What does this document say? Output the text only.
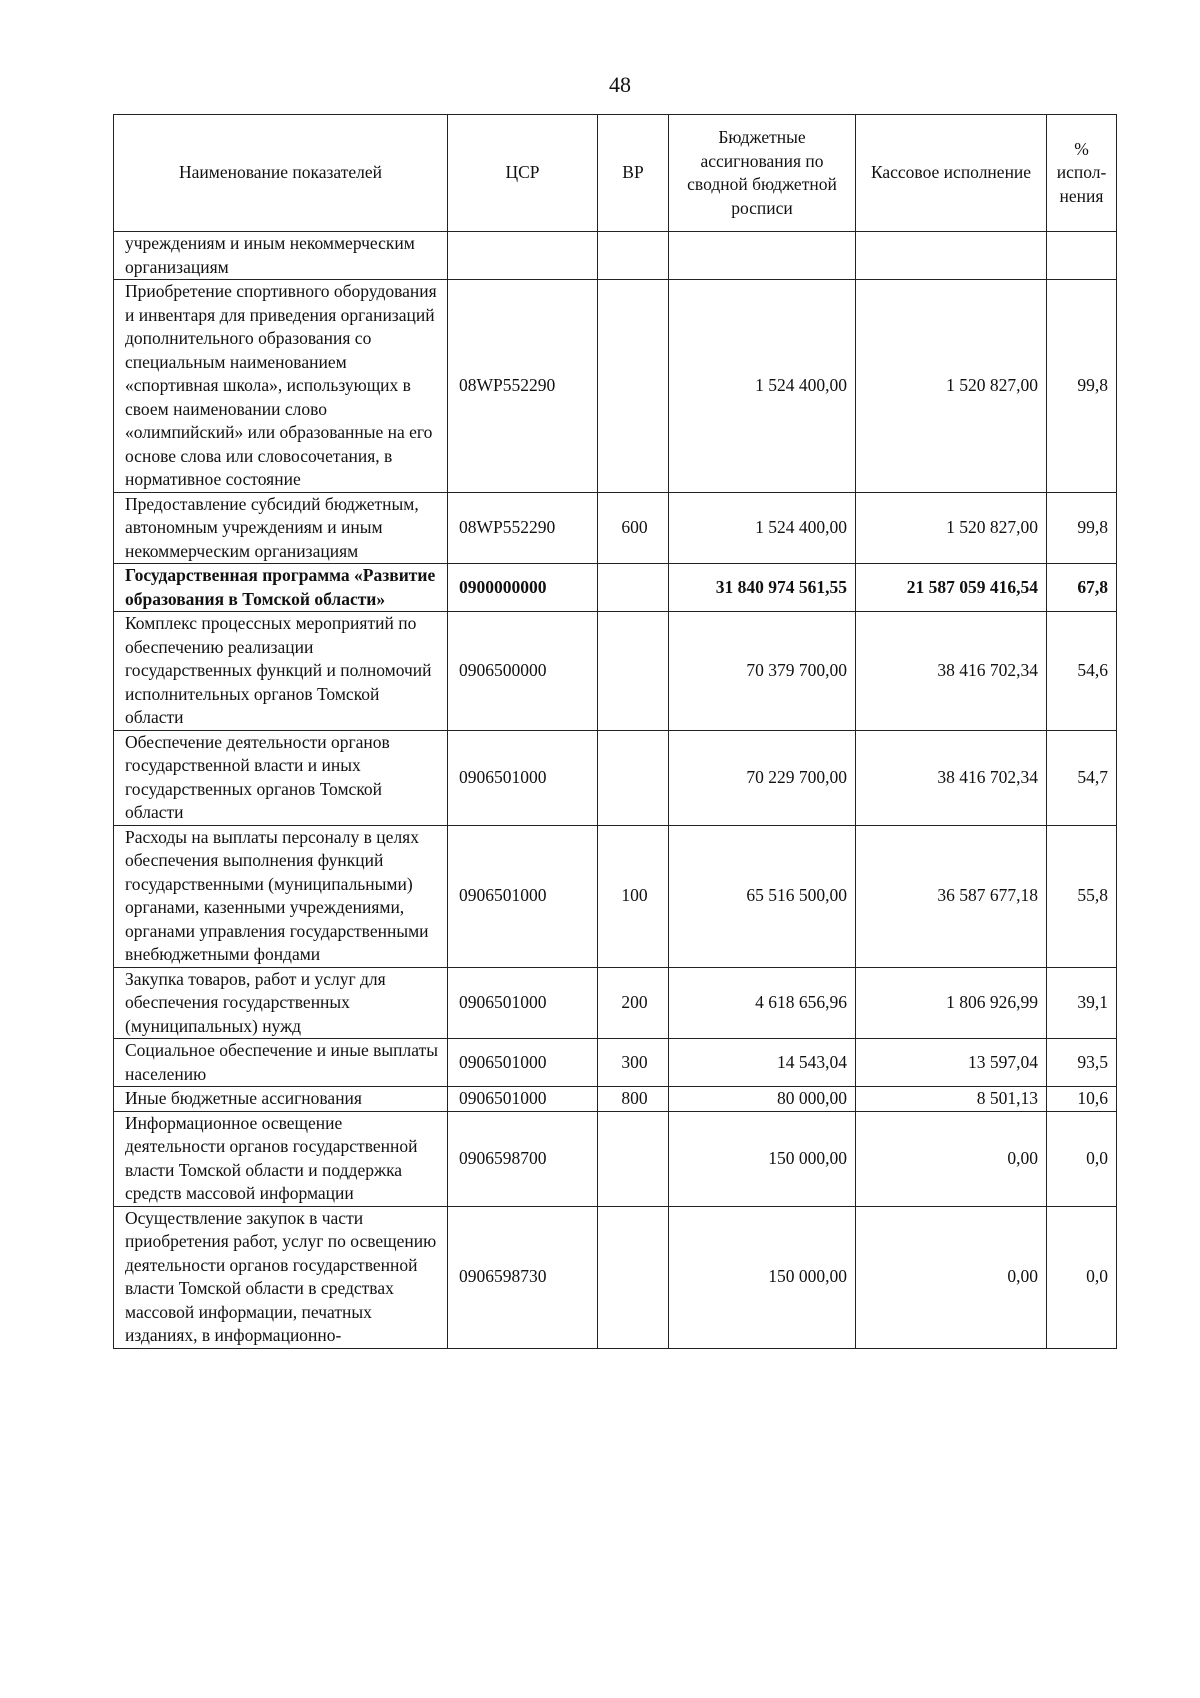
48
Наименование показателей	ЦСР	ВР	Бюджетные ассигнования по сводной бюджетной росписи	Кассовое исполнение	% испол-нения
учреждениям и иным некоммерческим организациям					
Приобретение спортивного оборудования и инвентаря для приведения организаций дополнительного образования со специальным наименованием «спортивная школа», использующих в своем наименовании слово «олимпийский» или образованные на его основе слова или словосочетания, в нормативное состояние	08WP552290		1 524 400,00	1 520 827,00	99,8
Предоставление субсидий бюджетным, автономным учреждениям и иным некоммерческим организациям	08WP552290	600	1 524 400,00	1 520 827,00	99,8
Государственная программа «Развитие образования в Томской области»	0900000000		31 840 974 561,55	21 587 059 416,54	67,8
Комплекс процессных мероприятий по обеспечению реализации государственных функций и полномочий исполнительных органов Томской области	0906500000		70 379 700,00	38 416 702,34	54,6
Обеспечение деятельности органов государственной власти и иных государственных органов Томской области	0906501000		70 229 700,00	38 416 702,34	54,7
Расходы на выплаты персоналу в целях обеспечения выполнения функций государственными (муниципальными) органами, казенными учреждениями, органами управления государственными внебюджетными фондами	0906501000	100	65 516 500,00	36 587 677,18	55,8
Закупка товаров, работ и услуг для обеспечения государственных (муниципальных) нужд	0906501000	200	4 618 656,96	1 806 926,99	39,1
Социальное обеспечение и иные выплаты населению	0906501000	300	14 543,04	13 597,04	93,5
Иные бюджетные ассигнования	0906501000	800	80 000,00	8 501,13	10,6
Информационное освещение деятельности органов государственной власти Томской области и поддержка средств массовой информации	0906598700		150 000,00	0,00	0,0
Осуществление закупок в части приобретения работ, услуг по освещению деятельности органов государственной власти Томской области в средствах массовой информации, печатных изданиях, в информационно-	0906598730		150 000,00	0,00	0,0
